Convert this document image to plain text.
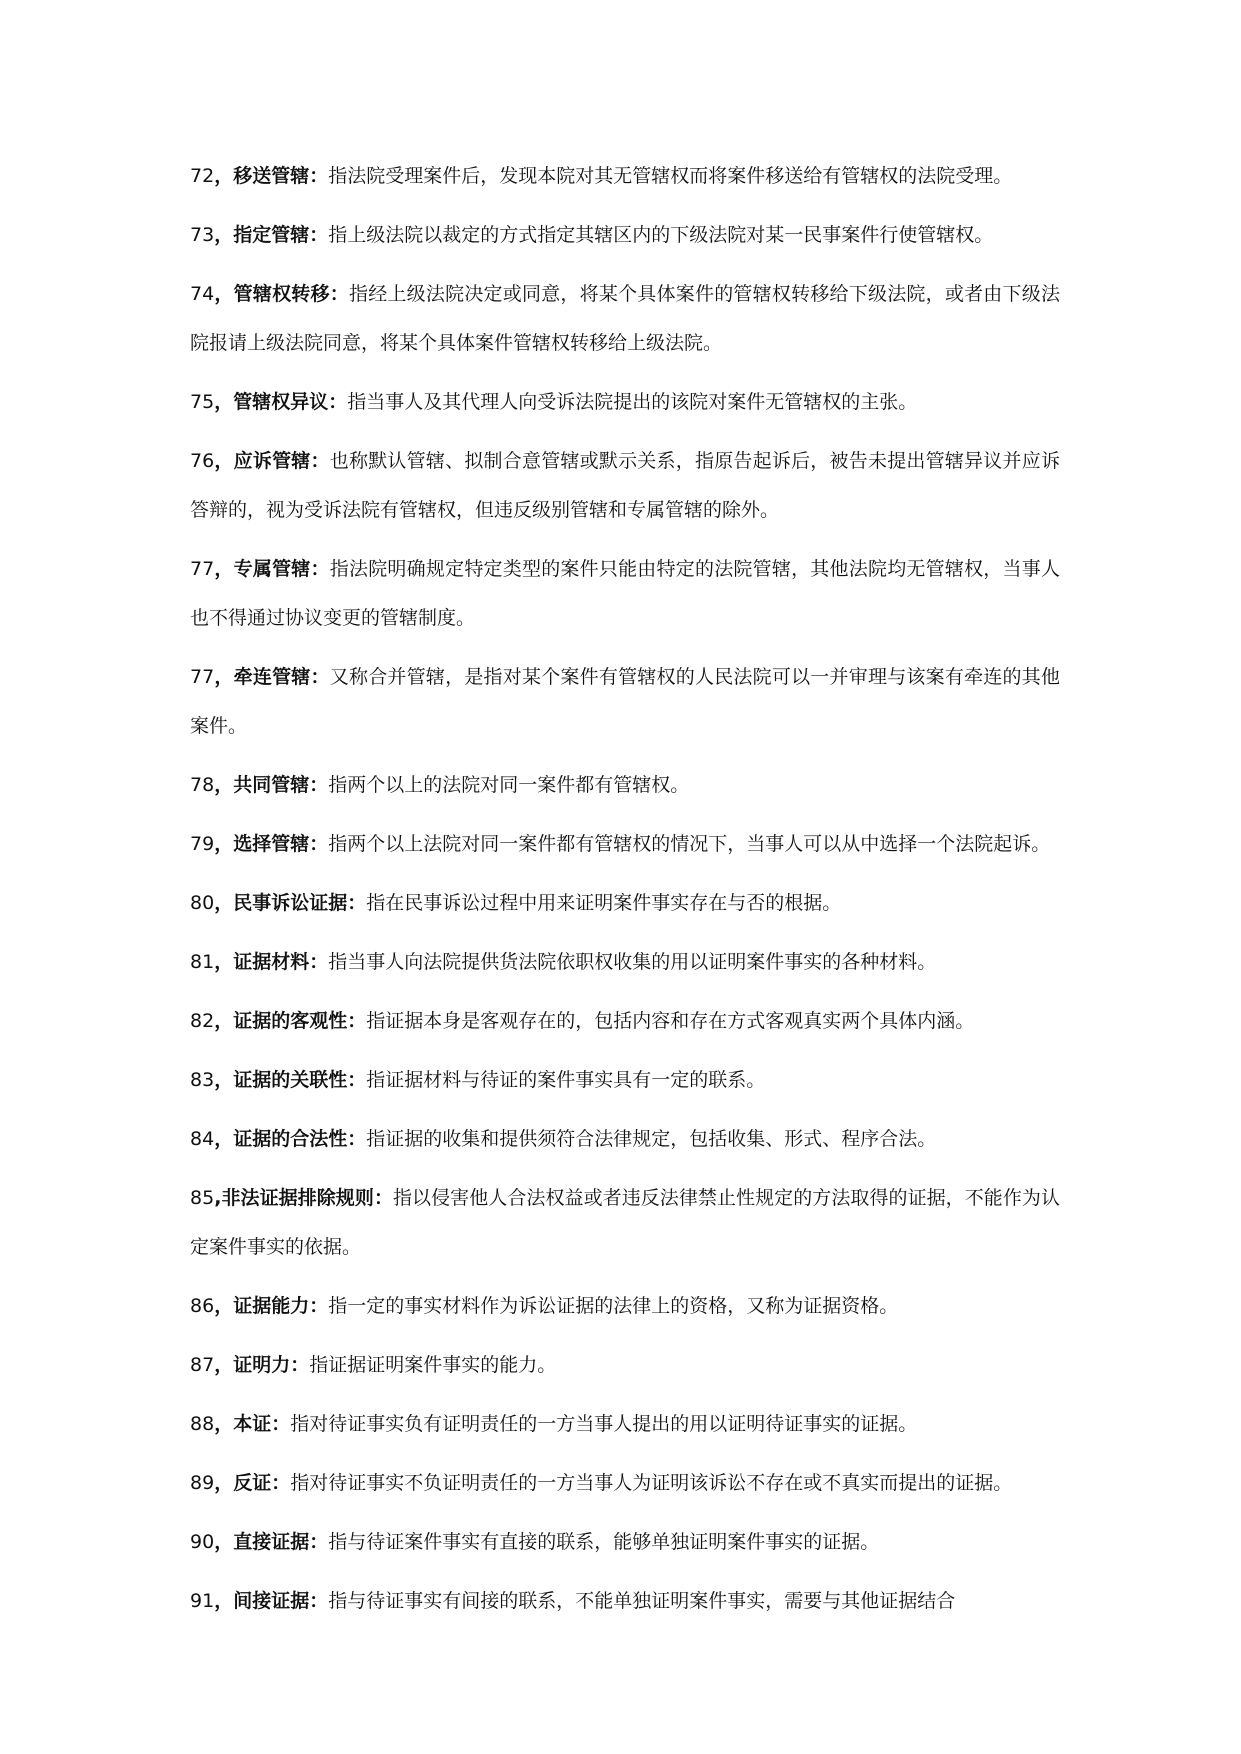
72，移送管辖：指法院受理案件后，发现本院对其无管辖权而将案件移送给有管辖权的法院受理。

73，指定管辖：指上级法院以裁定的方式指定其辖区内的下级法院对某一民事案件行使管辖权。

74，管辖权转移：指经上级法院决定或同意，将某个具体案件的管辖权转移给下级法院，或者由下级法院报请上级法院同意，将某个具体案件管辖权转移给上级法院。

75，管辖权异议：指当事人及其代理人向受诉法院提出的该院对案件无管辖权的主张。

76，应诉管辖：也称默认管辖、拟制合意管辖或默示关系，指原告起诉后，被告未提出管辖异议并应诉答辩的，视为受诉法院有管辖权，但违反级别管辖和专属管辖的除外。

77，专属管辖：指法院明确规定特定类型的案件只能由特定的法院管辖，其他法院均无管辖权，当事人也不得通过协议变更的管辖制度。

77，牵连管辖：又称合并管辖，是指对某个案件有管辖权的人民法院可以一并审理与该案有牵连的其他案件。

78，共同管辖：指两个以上的法院对同一案件都有管辖权。

79，选择管辖：指两个以上法院对同一案件都有管辖权的情况下，当事人可以从中选择一个法院起诉。

80，民事诉讼证据：指在民事诉讼过程中用来证明案件事实存在与否的根据。

81，证据材料：指当事人向法院提供货法院依职权收集的用以证明案件事实的各种材料。

82，证据的客观性：指证据本身是客观存在的，包括内容和存在方式客观真实两个具体内涵。

83，证据的关联性：指证据材料与待证的案件事实具有一定的联系。

84，证据的合法性：指证据的收集和提供须符合法律规定，包括收集、形式、程序合法。

85,非法证据排除规则：指以侵害他人合法权益或者违反法律禁止性规定的方法取得的证据，不能作为认定案件事实的依据。

86，证据能力：指一定的事实材料作为诉讼证据的法律上的资格，又称为证据资格。

87，证明力：指证据证明案件事实的能力。

88，本证：指对待证事实负有证明责任的一方当事人提出的用以证明待证事实的证据。

89，反证：指对待证事实不负证明责任的一方当事人为证明该诉讼不存在或不真实而提出的证据。

90，直接证据：指与待证案件事实有直接的联系，能够单独证明案件事实的证据。

91，间接证据：指与待证事实有间接的联系，不能单独证明案件事实，需要与其他证据结合
